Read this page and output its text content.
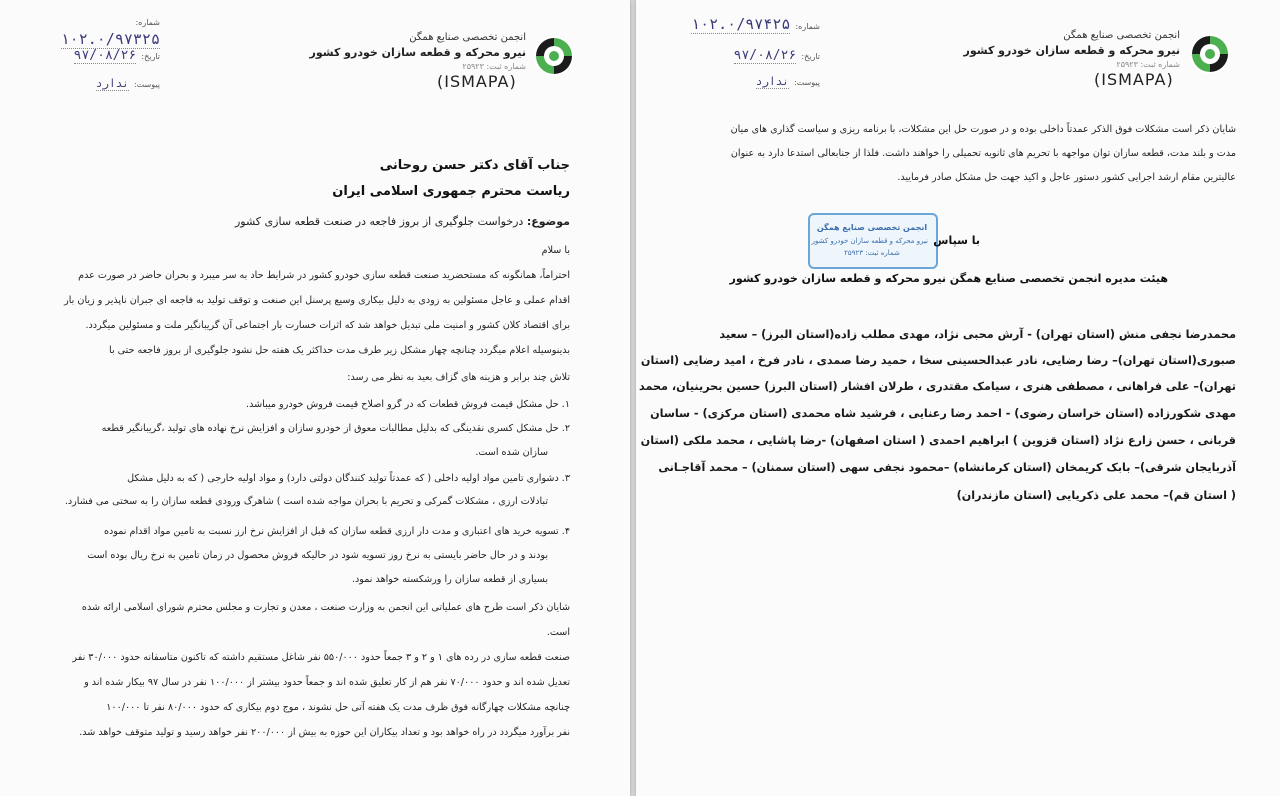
انجمن تخصصی صنایع همگن
نیرو محرکه و قطعه سازان خودرو کشور
شماره ثبت: ۲۵۹۲۳
(ISMAPA)
شماره: ۱۰۲.۰/۹۷۳۲۵
تاریخ: ۹۷/۰۸/۲۶
پیوست: ندارد
جناب آقای دکتر حسن روحانی
ریاست محترم جمهوری اسلامی ایران
موضوع: درخواست جلوگیری از بروز فاجعه در صنعت قطعه سازی کشور
با سلام
احتراماً، همانگونه که مستحضرید صنعت قطعه سازی خودرو کشور در شرایط حاد به سر میبرد و بحران حاضر در صورت عدم
اقدام عملی و عاجل مسئولین به زودی به دلیل بیکاری وسیع پرسنل این صنعت و توقف تولید به فاجعه ای جبران ناپذیر و زیان بار
برای اقتصاد کلان کشور و امنیت ملی تبدیل خواهد شد که اثرات خسارت بار اجتماعی آن گریبانگیر ملت و مسئولین میگردد.
بدینوسیله اعلام میگردد چنانچه چهار مشکل زیر طرف مدت حداکثر یک هفته حل نشود جلوگیری از بروز فاجعه حتی با
تلاش چند برابر و هزینه های گزاف بعید به نظر می رسد:
۱. حل مشکل قیمت فروش قطعات که در گرو اصلاح قیمت فروش خودرو میباشد.
۲. حل مشکل کسری نقدینگی که بدلیل مطالبات معوق از خودرو سازان و افزایش نرخ نهاده های تولید ،گریبانگیر قطعه
سازان شده است.
۳. دشواری تامین مواد اولیه داخلی ( که عمدتاً تولید کنندگان دولتی دارد) و مواد اولیه خارجی ( که به دلیل مشکل
تبادلات ارزی ، مشکلات گمرکی و تحریم با بحران مواجه شده است ) شاهرگ ورودی قطعه سازان را به سختی می فشارد.
۴. تسویه خرید های اعتباری و مدت دار ارزی قطعه سازان که قبل از افزایش نرخ ارز نسبت به تامین مواد اقدام نموده
بودند و در حال حاضر بایستی به نرخ روز تسویه شود در حالیکه فروش محصول در زمان تامین به نرخ ریال بوده است
بسیاری از قطعه سازان را ورشکسته خواهد نمود.
شایان ذکر است طرح های عملیاتی این انجمن به وزارت صنعت ، معدن و تجارت و مجلس محترم شورای اسلامی ارائه شده
است.
صنعت قطعه سازی در رده های ۱ و ۲ و ۳ جمعاً حدود ۵۵۰/۰۰۰ نفر شاغل مستقیم داشته که تاکنون متاسفانه حدود ۳۰/۰۰۰ نفر
تعدیل شده اند و حدود ۷۰/۰۰۰ نفر هم از کار تعلیق شده اند و جمعاً حدود بیشتر از ۱۰۰/۰۰۰ نفر در سال ۹۷ بیکار شده اند و
چنانچه مشکلات چهارگانه فوق ظرف مدت یک هفته آتی حل نشوند ، موج دوم بیکاری که حدود ۸۰/۰۰۰ نفر تا ۱۰۰/۰۰۰
نفر برآورد میگردد در راه خواهد بود و تعداد بیکاران این حوزه به بیش از ۲۰۰/۰۰۰ نفر خواهد رسید و تولید متوقف خواهد شد.
انجمن تخصصی صنایع همگن
نیرو محرکه و قطعه سازان خودرو کشور
شماره ثبت: ۲۵۹۲۳
(ISMAPA)
شماره: ۱۰۲.۰/۹۷۴۲۵
تاریخ: ۹۷/۰۸/۲۶
پیوست: ندارد
شایان ذکر است مشکلات فوق الذکر عمدتاً داخلی بوده و در صورت حل این مشکلات، با برنامه ریزی و سیاست گذاری های میان
مدت و بلند مدت، قطعه سازان توان مواجهه با تحریم های ثانویه تحمیلی را خواهند داشت. فلذا از جنابعالی استدعا دارد به عنوان
عالیترین مقام ارشد اجرایی کشور دستور عاجل و اکید جهت حل مشکل صادر فرمایید.
انجمن تخصصی صنایع همگن
نیرو محرکه و قطعه سازان خودرو کشور
شماره ثبت: ۲۵۹۲۳
با سپاس
هیئت مدیره انجمن تخصصی صنایع همگن نیرو محرکه و قطعه سازان خودرو کشور
محمدرضا نجفی منش (استان تهران) - آرش محبی نژاد، مهدی مطلب زاده(استان البرز) – سعید
صبوری(استان تهران)– رضا رضایی، نادر عبدالحسینی سخا ، حمید رضا صمدی ، نادر فرخ ، امید رضایی (استان
تهران)– علی فراهانی ، مصطفی هنری ، سیامک مقتدری ، طرلان افشار (استان البرز) حسین بحرینیان، محمد
مهدی شکورزاده (استان خراسان رضوی) - احمد رضا رعنایی ، فرشید شاه محمدی (استان مرکزی) - ساسان
قربانی ، حسن زارع نژاد (استان قزوین ) ابراهیم احمدی ( استان اصفهان) -رضا پاشایی ، محمد ملکی (استان
آذربایجان شرقی)– بابک کریمخان (استان کرمانشاه) –محمود نجفی سهی (استان سمنان) – محمد آقاجـانی
( استان قم)– محمد علی ذکریایی (استان مازندران)
